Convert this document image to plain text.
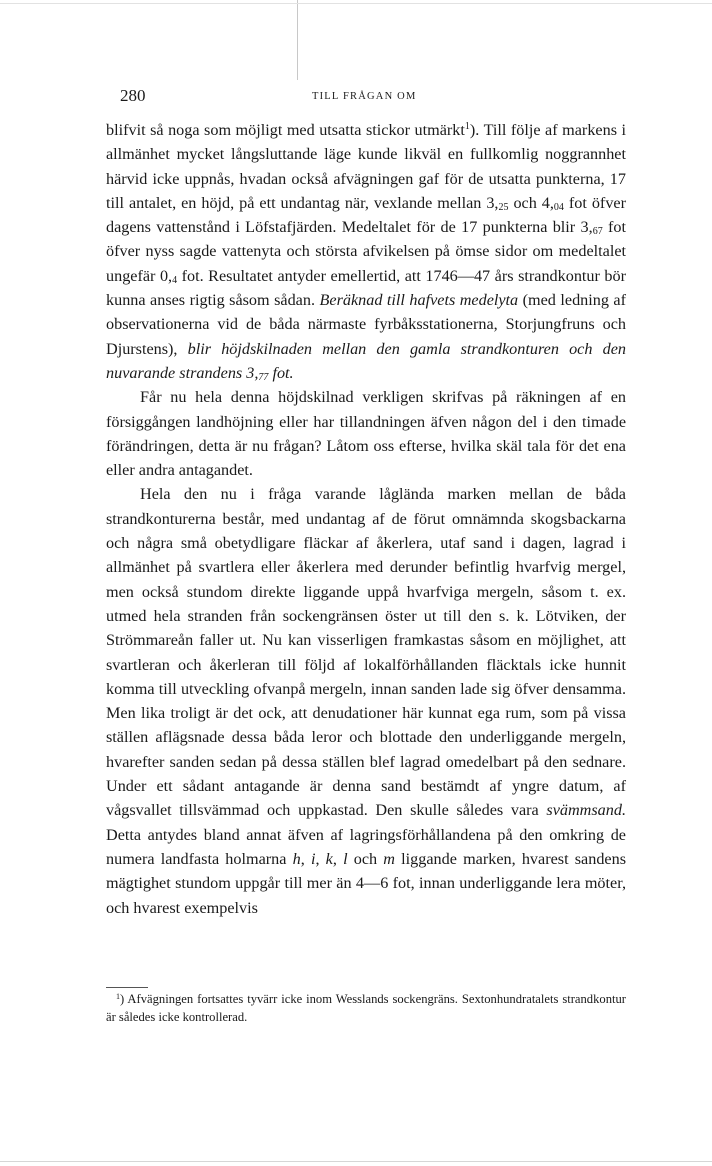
280	TILL FRÅGAN OM

blifvit så noga som möjligt med utsatta stickor utmärkt$^1$). Till följe af markens i allmänhet mycket långsluttande läge kunde likväl en fullkomlig noggrannhet härvid icke uppnås, hvadan också afvägningen gaf för de utsatta punkterna, 17 till antalet, en höjd, på ett undantag när, vexlande mellan $3,_{25}$ och $4,_{04}$ fot öfver dagens vattenstånd i Löfstafjärden. Medeltalet för de 17 punkterna blir $3,_{67}$ fot öfver nyss sagde vattenyta och största afvikelsen på ömse sidor om medeltalet ungefär $0,_4$ fot. Resultatet antyder emellertid, att 1746—47 års strandkontur bör kunna anses rigtig såsom sådan. Beräknad till hafvets medelyta (med ledning af observationerna vid de båda närmaste fyrbåksstationerna, Storjungfruns och Djurstens), blir höjdskilnaden mellan den gamla strandkonturen och den nuvarande strandens $3,_{77}$ fot.

Får nu hela denna höjdskilnad verkligen skrifvas på räkningen af en försiggången landhöjning eller har tillandningen äfven någon del i den timade förändringen, detta är nu frågan? Låtom oss efterse, hvilka skäl tala för det ena eller andra antagandet.

Hela den nu i fråga varande lågländа marken mellan de båda strandkonturerna består, med undantag af de förut omnämnda skogsbackarna och några små obetydligare fläckar af åkerlera, utaf sand i dagen, lagrad i allmänhet på svartlera eller åkerlera med derunder befintlig hvarfvig mergel, men också stundom direkte liggande uppå hvarfviga mergeln, såsom t. ex. utmed hela stranden från sockengränsen öster ut till den s. k. Lötviken, der Strömmareån faller ut. Nu kan visserligen framkastas såsom en möjlighet, att svartleran och åkerleran till följd af lokalförhållanden fläcktals icke hunnit komma till utveckling ofvanpå mergeln, innan sanden lade sig öfver densamma. Men lika troligt är det ock, att denudationer här kunnat ega rum, som på vissa ställen aflägsnade dessa båda leror och blottade den underliggande mergeln, hvarefter sanden sedan på dessa ställen blef lagrad omedelbart på den sednare. Under ett sådant antagande är denna sand bestämdt af yngre datum, af vågsvallet tillsvämmad och uppkastad. Den skulle således vara svämmsand. Detta antydes bland annat äfven af lagringsförhållandena på den omkring de numera landfasta holmarna h, i, k, l och m liggande marken, hvarest sandens mägtighet stundom uppgår till mer än 4—6 fot, innan underliggande lera möter, och hvarest exempelvis

$^1$) Afvägningen fortsattes tyvärr icke inom Wesslands sockengräns. Sextonhundratalets strandkontur är således icke kontrollerad.
